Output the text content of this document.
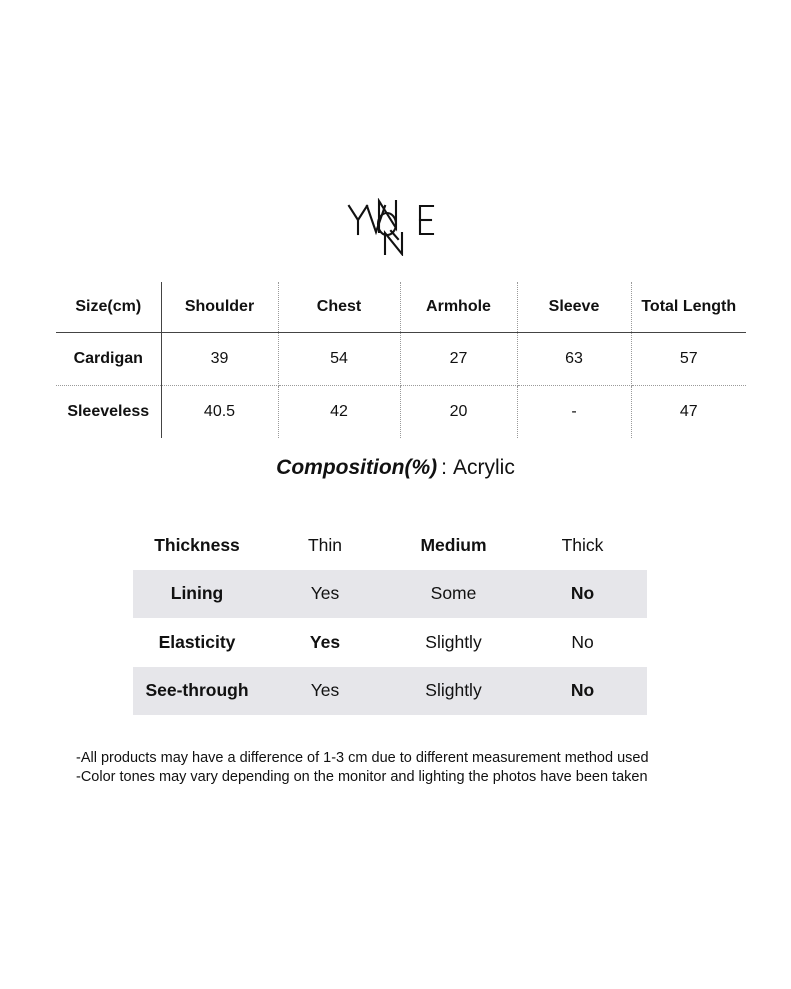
Size(cm)	Shoulder	Chest	Armhole	Sleeve	Total Length
Cardigan	39	54	27	63	57
Sleeveless	40.5	42	20	-	47
Composition(%) : Acrylic
Thickness	Thin	Medium	Thick
Lining	Yes	Some	No
Elasticity	Yes	Slightly	No
See-through	Yes	Slightly	No

-All products may have a difference of 1-3 cm due to different measurement method used

-Color tones may vary depending on the monitor and lighting the photos have been taken
